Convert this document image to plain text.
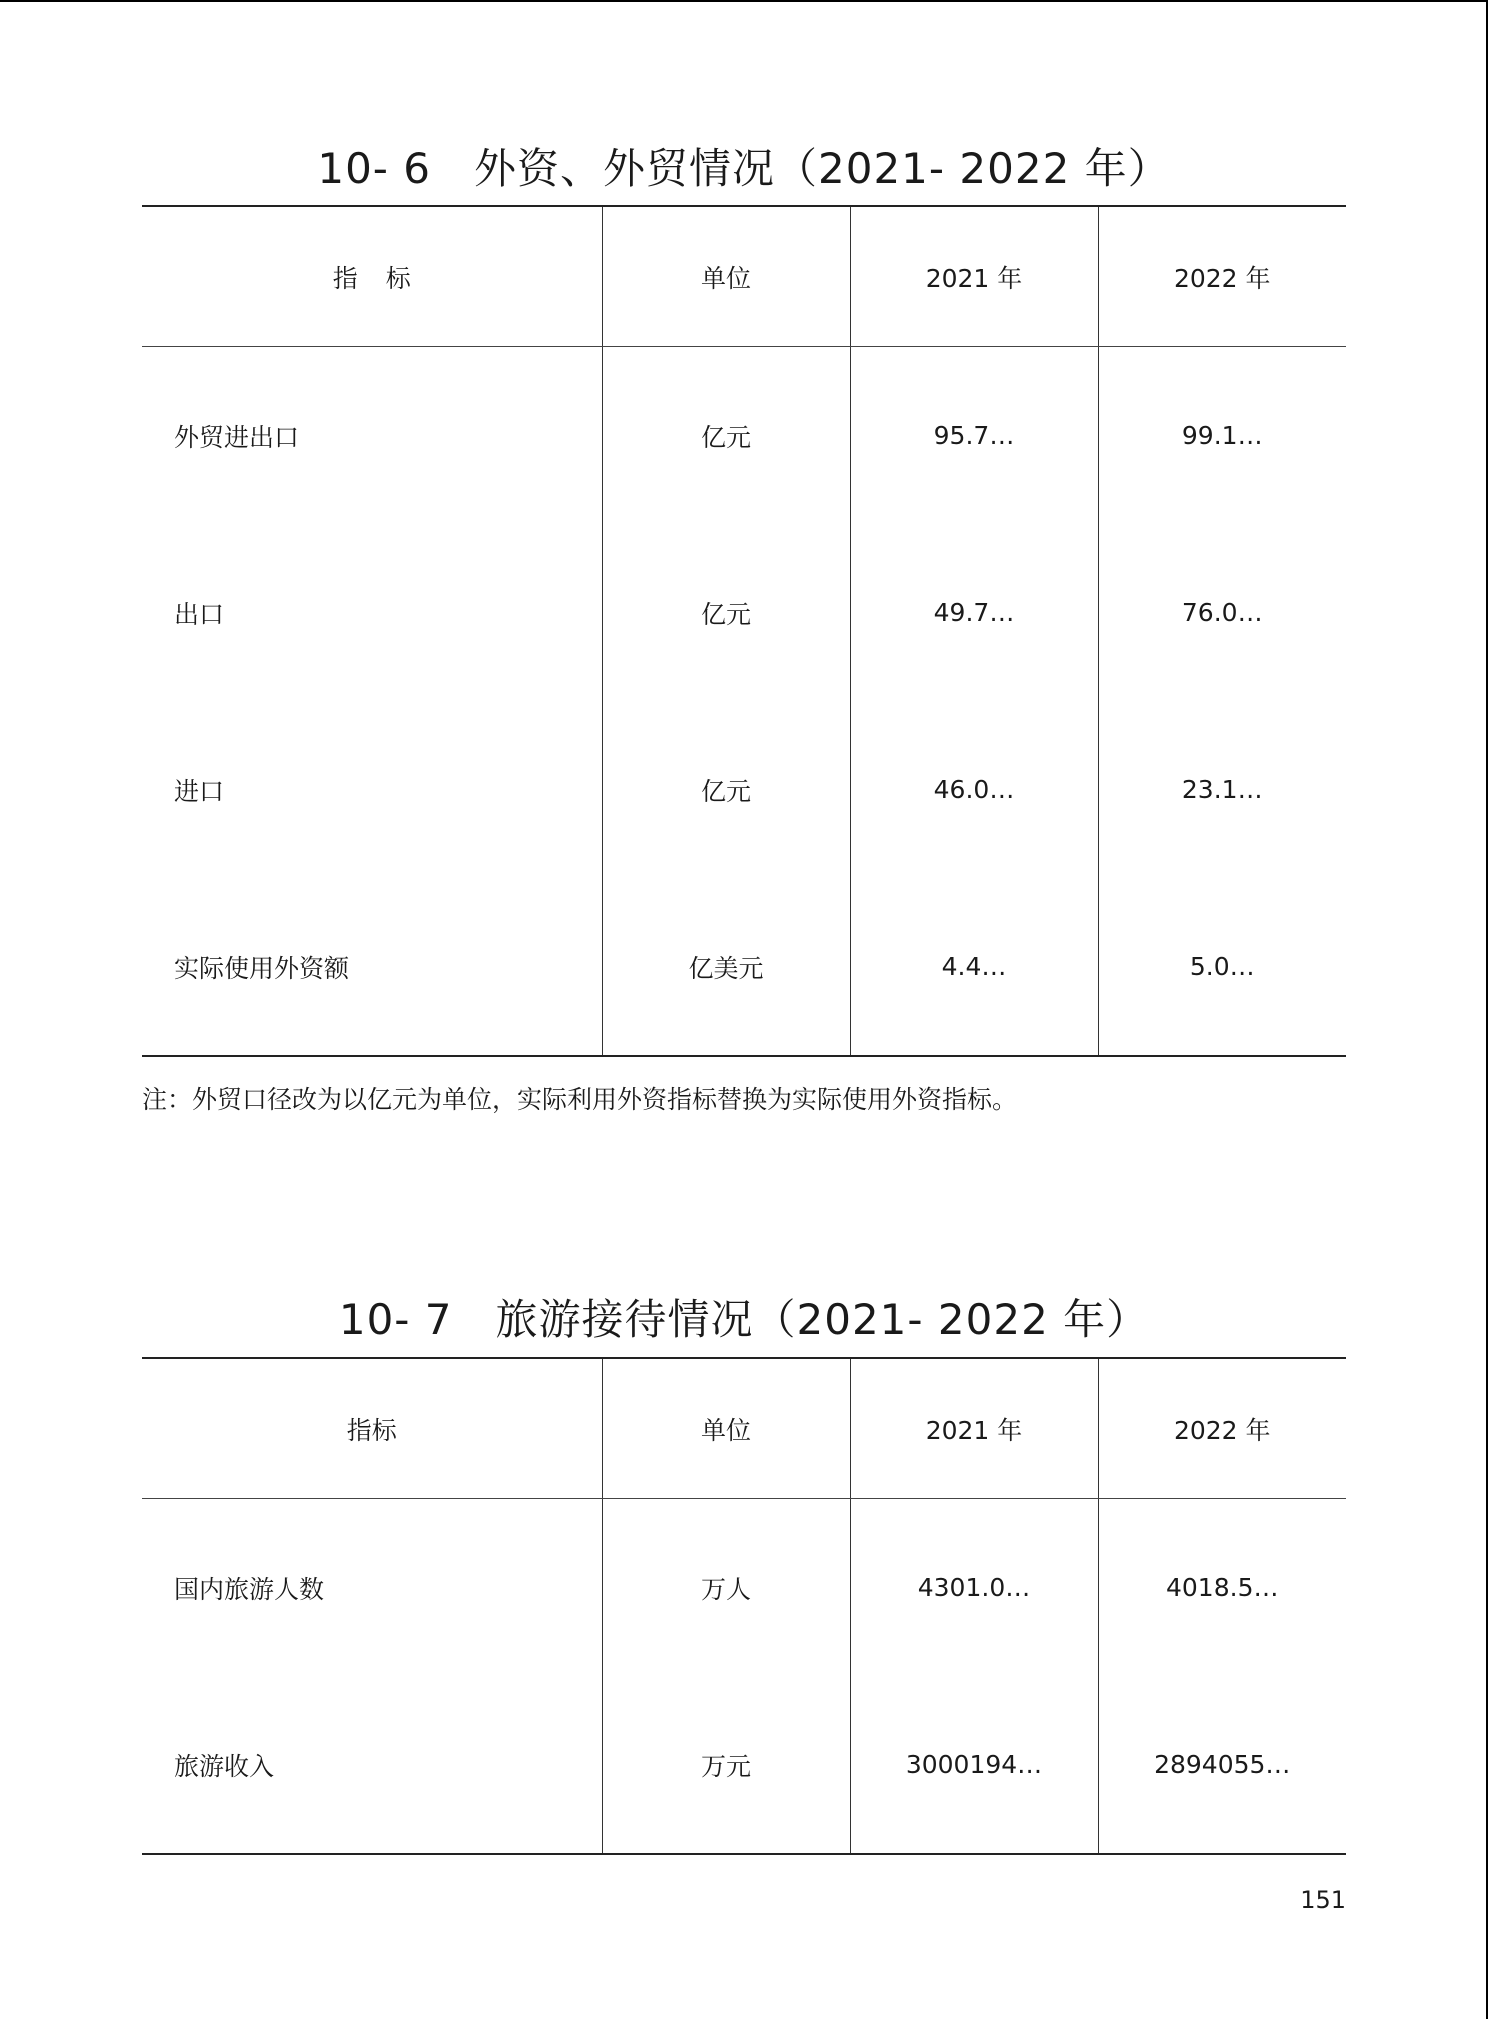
10- 6　外资、外贸情况（2021- 2022 年）
指标	单位	2021 年	2022 年
外贸进出口	亿元	95.7…	99.1…
出口	亿元	49.7…	76.0…
进口	亿元	46.0…	23.1…
实际使用外资额	亿美元	4.4…	5.0…

注：外贸口径改为以亿元为单位，实际利用外资指标替换为实际使用外资指标。

10- 7　旅游接待情况（2021- 2022 年）
指标	单位	2021 年	2022 年
国内旅游人数	万人	4301.0…	4018.5…
旅游收入	万元	3000194…	2894055…
151
